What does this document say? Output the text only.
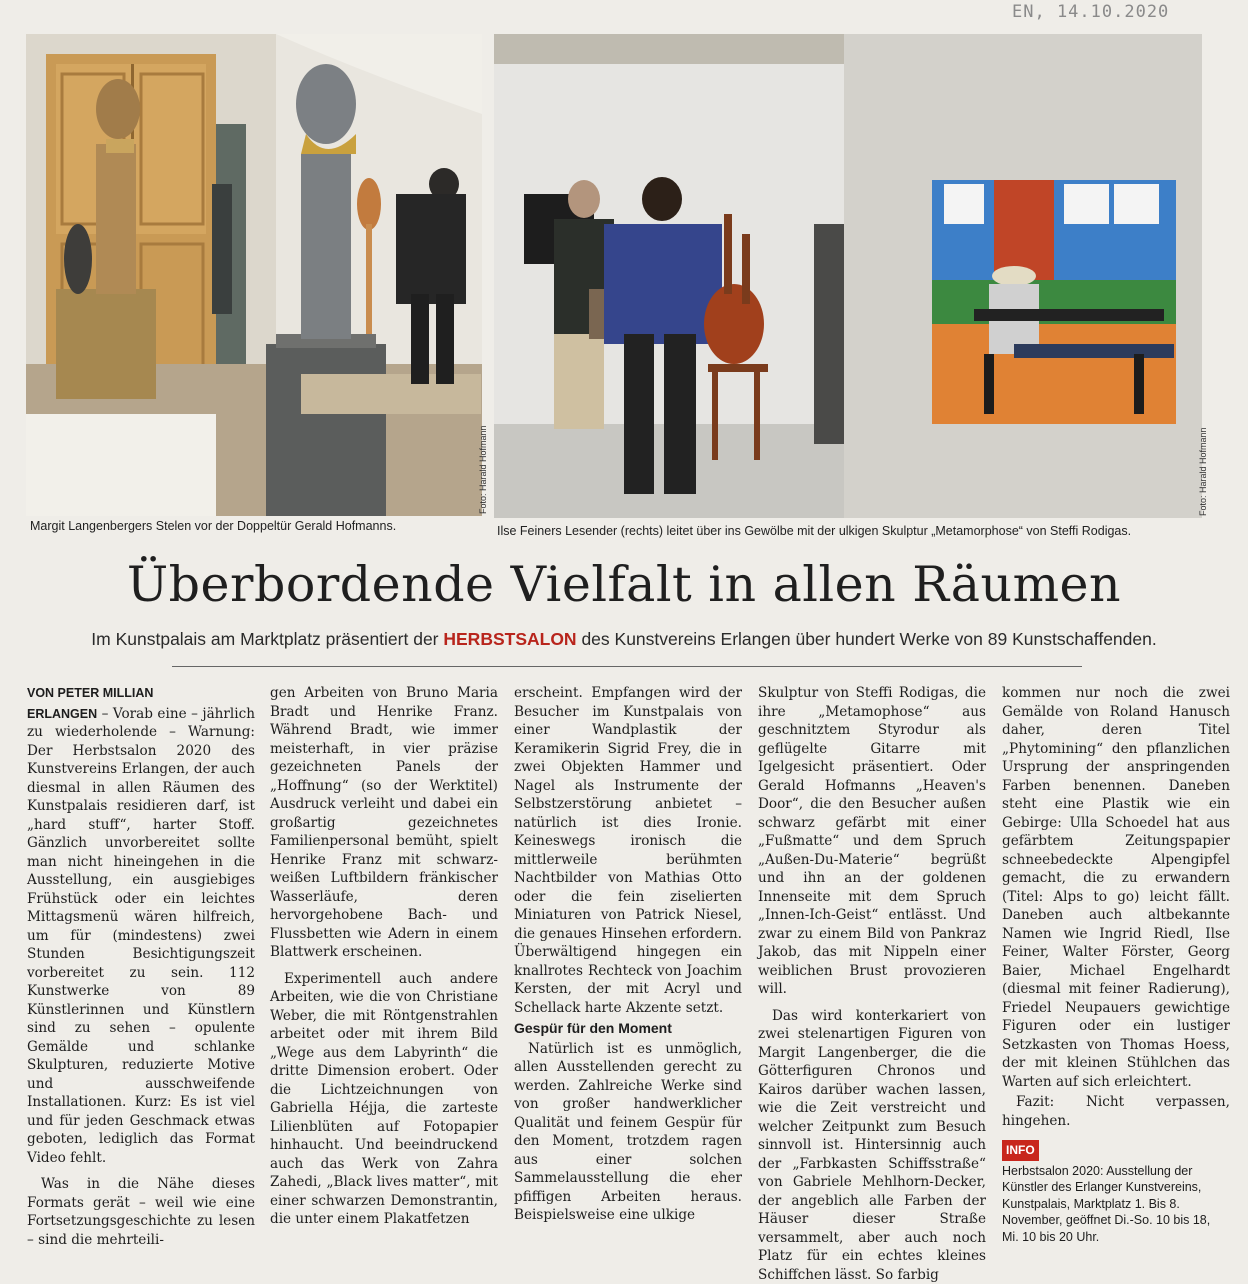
EN, 14.10.2020
Foto: Harald Hofmann	Foto: Harald Hofmann
Margit Langenbergers Stelen vor der Doppeltür Gerald Hofmanns.	Ilse Feiners Lesender (rechts) leitet über ins Gewölbe mit der ulkigen Skulptur „Metamorphose“ von Steffi Rodigas.
Überbordende Vielfalt in allen Räumen
Im Kunstpalais am Marktplatz präsentiert der HERBSTSALON des Kunstvereins Erlangen über hundert Werke von 89 Kunstschaffenden.

VON PETER MILLIAN

ERLANGEN – Vorab eine – jährlich zu wiederholende – Warnung: Der Herbstsalon 2020 des Kunstvereins Erlangen, der auch diesmal in allen Räumen des Kunstpalais residieren darf, ist „hard stuff“, harter Stoff. Gänzlich unvorbereitet sollte man nicht hineingehen in die Ausstellung, ein ausgiebiges Frühstück oder ein leichtes Mittagsmenü wären hilfreich, um für (mindestens) zwei Stunden Besichtigungszeit vorbereitet zu sein. 112 Kunstwerke von 89 Künstlerinnen und Künstlern sind zu sehen – opulente Gemälde und schlanke Skulpturen, reduzierte Motive und ausschweifende Installationen. Kurz: Es ist viel und für jeden Geschmack etwas geboten, lediglich das Format Video fehlt.

Was in die Nähe dieses Formats gerät – weil wie eine Fortsetzungsgeschichte zu lesen – sind die mehrteili-

gen Arbeiten von Bruno Maria Bradt und Henrike Franz. Während Bradt, wie immer meisterhaft, in vier präzise gezeichneten Panels der „Hoffnung“ (so der Werktitel) Ausdruck verleiht und dabei ein großartig gezeichnetes Familienpersonal bemüht, spielt Henrike Franz mit schwarz-weißen Luftbildern fränkischer Wasserläufe, deren hervorgehobene Bach- und Flussbetten wie Adern in einem Blattwerk erscheinen.

Experimentell auch andere Arbeiten, wie die von Christiane Weber, die mit Röntgenstrahlen arbeitet oder mit ihrem Bild „Wege aus dem Labyrinth“ die dritte Dimension erobert. Oder die Lichtzeichnungen von Gabriella Héjja, die zarteste Lilienblüten auf Fotopapier hinhaucht. Und beeindruckend auch das Werk von Zahra Zahedi, „Black lives matter“, mit einer schwarzen Demonstrantin, die unter einem Plakatfetzen

erscheint. Empfangen wird der Besucher im Kunstpalais von einer Wandplastik der Keramikerin Sigrid Frey, die in zwei Objekten Hammer und Nagel als Instrumente der Selbstzerstörung anbietet – natürlich ist dies Ironie. Keineswegs ironisch die mittlerweile berühmten Nachtbilder von Mathias Otto oder die fein ziselierten Miniaturen von Patrick Niesel, die genaues Hinsehen erfordern. Überwältigend hingegen ein knallrotes Rechteck von Joachim Kersten, der mit Acryl und Schellack harte Akzente setzt.

Gespür für den Moment

Natürlich ist es unmöglich, allen Ausstellenden gerecht zu werden. Zahlreiche Werke sind von großer handwerklicher Qualität und feinem Gespür für den Moment, trotzdem ragen aus einer solchen Sammelausstellung die eher pfiffigen Arbeiten heraus. Beispielsweise eine ulkige

Skulptur von Steffi Rodigas, die ihre „Metamophose“ aus geschnitztem Styrodur als geflügelte Gitarre mit Igelgesicht präsentiert. Oder Gerald Hofmanns „Heaven's Door“, die den Besucher außen schwarz gefärbt mit einer „Fußmatte“ und dem Spruch „Außen-Du-Materie“ begrüßt und ihn an der goldenen Innenseite mit dem Spruch „Innen-Ich-Geist“ entlässt. Und zwar zu einem Bild von Pankraz Jakob, das mit Nippeln einer weiblichen Brust provozieren will.

Das wird konterkariert von zwei stelenartigen Figuren von Margit Langenberger, die die Götterfiguren Chronos und Kairos darüber wachen lassen, wie die Zeit verstreicht und welcher Zeitpunkt zum Besuch sinnvoll ist. Hintersinnig auch der „Farbkasten Schiffsstraße“ von Gabriele Mehlhorn-Decker, der angeblich alle Farben der Häuser dieser Straße versammelt, aber auch noch Platz für ein echtes kleines Schiffchen lässt. So farbig

kommen nur noch die zwei Gemälde von Roland Hanusch daher, deren Titel „Phytomining“ den pflanzlichen Ursprung der anspringenden Farben benennen. Daneben steht eine Plastik wie ein Gebirge: Ulla Schoedel hat aus gefärbtem Zeitungspapier schneebedeckte Alpengipfel gemacht, die zu erwandern (Titel: Alps to go) leicht fällt. Daneben auch altbekannte Namen wie Ingrid Riedl, Ilse Feiner, Walter Förster, Georg Baier, Michael Engelhardt (diesmal mit feiner Radierung), Friedel Neupauers gewichtige Figuren oder ein lustiger Setzkasten von Thomas Hoess, der mit kleinen Stühlchen das Warten auf sich erleichtert.

Fazit: Nicht verpassen, hingehen.

INFO

Herbstsalon 2020: Ausstellung der Künstler des Erlanger Kunstvereins, Kunstpalais, Marktplatz 1. Bis 8. November, geöffnet Di.-So. 10 bis 18, Mi. 10 bis 20 Uhr.
